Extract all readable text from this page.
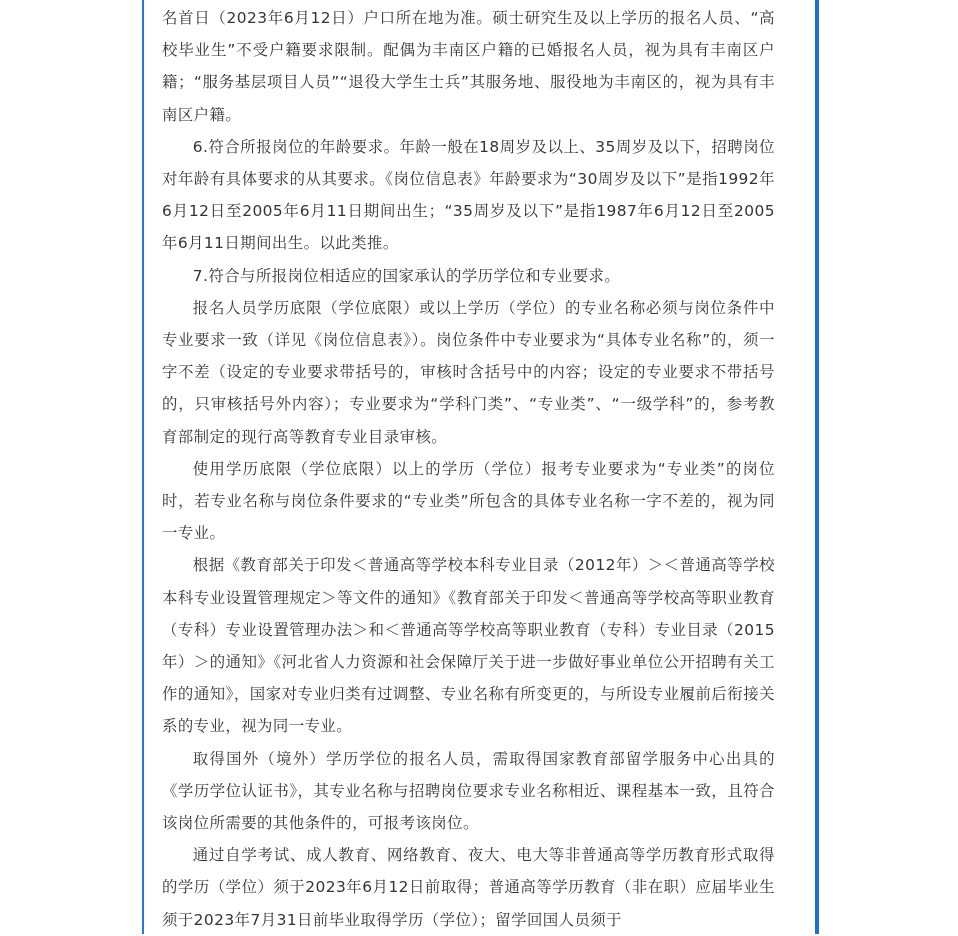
名首日（2023年6月12日）户口所在地为准。硕士研究生及以上学历的报名人员、“高校毕业生”不受户籍要求限制。配偶为丰南区户籍的已婚报名人员，视为具有丰南区户籍；“服务基层项目人员”“退役大学生士兵”其服务地、服役地为丰南区的，视为具有丰南区户籍。

6.符合所报岗位的年龄要求。年龄一般在18周岁及以上、35周岁及以下，招聘岗位对年龄有具体要求的从其要求。《岗位信息表》年龄要求为“30周岁及以下”是指1992年6月12日至2005年6月11日期间出生；“35周岁及以下”是指1987年6月12日至2005年6月11日期间出生。以此类推。

7.符合与所报岗位相适应的国家承认的学历学位和专业要求。

报名人员学历底限（学位底限）或以上学历（学位）的专业名称必须与岗位条件中专业要求一致（详见《岗位信息表》）。岗位条件中专业要求为“具体专业名称”的，须一字不差（设定的专业要求带括号的，审核时含括号中的内容；设定的专业要求不带括号的，只审核括号外内容）；专业要求为“学科门类”、“专业类”、“一级学科”的，参考教育部制定的现行高等教育专业目录审核。

使用学历底限（学位底限）以上的学历（学位）报考专业要求为“专业类”的岗位时，若专业名称与岗位条件要求的“专业类”所包含的具体专业名称一字不差的，视为同一专业。

根据《教育部关于印发＜普通高等学校本科专业目录（2012年）＞＜普通高等学校本科专业设置管理规定＞等文件的通知》《教育部关于印发＜普通高等学校高等职业教育（专科）专业设置管理办法＞和＜普通高等学校高等职业教育（专科）专业目录（2015年）＞的通知》《河北省人力资源和社会保障厅关于进一步做好事业单位公开招聘有关工作的通知》，国家对专业归类有过调整、专业名称有所变更的，与所设专业履前后衔接关系的专业，视为同一专业。

取得国外（境外）学历学位的报名人员，需取得国家教育部留学服务中心出具的《学历学位认证书》，其专业名称与招聘岗位要求专业名称相近、课程基本一致，且符合该岗位所需要的其他条件的，可报考该岗位。

通过自学考试、成人教育、网络教育、夜大、电大等非普通高等学历教育形式取得的学历（学位）须于2023年6月12日前取得；普通高等学历教育（非在职）应届毕业生须于2023年7月31日前毕业取得学历（学位）；留学回国人员须于
